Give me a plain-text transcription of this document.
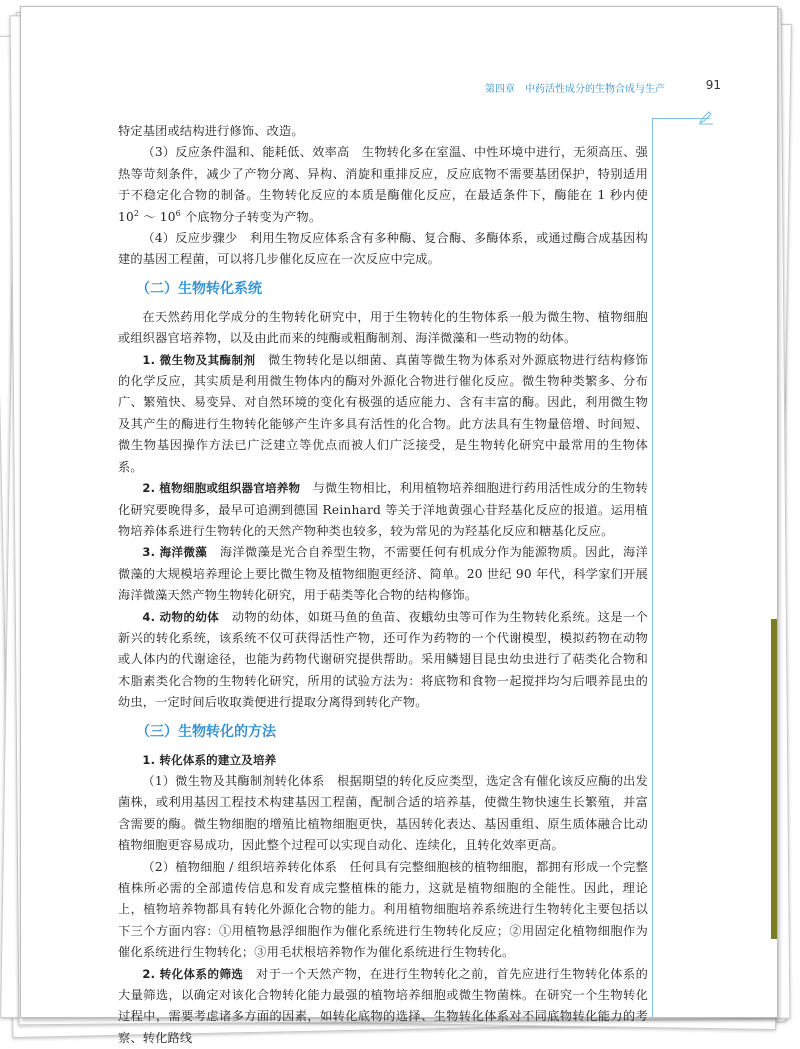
第四章　中药活性成分的生物合成与生产	91

特定基团或结构进行修饰、改造。

（3）反应条件温和、能耗低、效率高　生物转化多在室温、中性环境中进行，无须高压、强热等苛刻条件，减少了产物分离、异构、消旋和重排反应，反应底物不需要基团保护，特别适用于不稳定化合物的制备。生物转化反应的本质是酶催化反应，在最适条件下，酶能在 1 秒内使 $10^2$ ～ $10^6$ 个底物分子转变为产物。

（4）反应步骤少　利用生物反应体系含有多种酶、复合酶、多酶体系，或通过酶合成基因构建的基因工程菌，可以将几步催化反应在一次反应中完成。

（二）生物转化系统

在天然药用化学成分的生物转化研究中，用于生物转化的生物体系一般为微生物、植物细胞或组织器官培养物，以及由此而来的纯酶或粗酶制剂、海洋微藻和一些动物的幼体。

1. 微生物及其酶制剂　微生物转化是以细菌、真菌等微生物为体系对外源底物进行结构修饰的化学反应，其实质是利用微生物体内的酶对外源化合物进行催化反应。微生物种类繁多、分布广、繁殖快、易变异、对自然环境的变化有极强的适应能力、含有丰富的酶。因此，利用微生物及其产生的酶进行生物转化能够产生许多具有活性的化合物。此方法具有生物量倍增、时间短、微生物基因操作方法已广泛建立等优点而被人们广泛接受，是生物转化研究中最常用的生物体系。

2. 植物细胞或组织器官培养物　与微生物相比，利用植物培养细胞进行药用活性成分的生物转化研究要晚得多，最早可追溯到德国 Reinhard 等关于洋地黄强心苷羟基化反应的报道。运用植物培养体系进行生物转化的天然产物种类也较多，较为常见的为羟基化反应和糖基化反应。

3. 海洋微藻　海洋微藻是光合自养型生物，不需要任何有机成分作为能源物质。因此，海洋微藻的大规模培养理论上要比微生物及植物细胞更经济、简单。20 世纪 90 年代，科学家们开展海洋微藻天然产物生物转化研究，用于萜类等化合物的结构修饰。

4. 动物的幼体　动物的幼体，如斑马鱼的鱼苗、夜蛾幼虫等可作为生物转化系统。这是一个新兴的转化系统，该系统不仅可获得活性产物，还可作为药物的一个代谢模型，模拟药物在动物或人体内的代谢途径，也能为药物代谢研究提供帮助。采用鳞翅目昆虫幼虫进行了萜类化合物和木脂素类化合物的生物转化研究，所用的试验方法为：将底物和食物一起搅拌均匀后喂养昆虫的幼虫，一定时间后收取粪便进行提取分离得到转化产物。

（三）生物转化的方法

1. 转化体系的建立及培养

（1）微生物及其酶制剂转化体系　根据期望的转化反应类型，选定含有催化该反应酶的出发菌株，或利用基因工程技术构建基因工程菌，配制合适的培养基，使微生物快速生长繁殖，并富含需要的酶。微生物细胞的增殖比植物细胞更快，基因转化表达、基因重组、原生质体融合比动植物细胞更容易成功，因此整个过程可以实现自动化、连续化，且转化效率更高。

（2）植物细胞 / 组织培养转化体系　任何具有完整细胞核的植物细胞，都拥有形成一个完整植株所必需的全部遗传信息和发育成完整植株的能力，这就是植物细胞的全能性。因此，理论上，植物培养物都具有转化外源化合物的能力。利用植物细胞培养系统进行生物转化主要包括以下三个方面内容：①用植物悬浮细胞作为催化系统进行生物转化反应；②用固定化植物细胞作为催化系统进行生物转化；③用毛状根培养物作为催化系统进行生物转化。

2. 转化体系的筛选　对于一个天然产物，在进行生物转化之前，首先应进行生物转化体系的大量筛选，以确定对该化合物转化能力最强的植物培养细胞或微生物菌株。在研究一个生物转化过程中，需要考虑诸多方面的因素，如转化底物的选择、生物转化体系对不同底物转化能力的考察、转化路线
